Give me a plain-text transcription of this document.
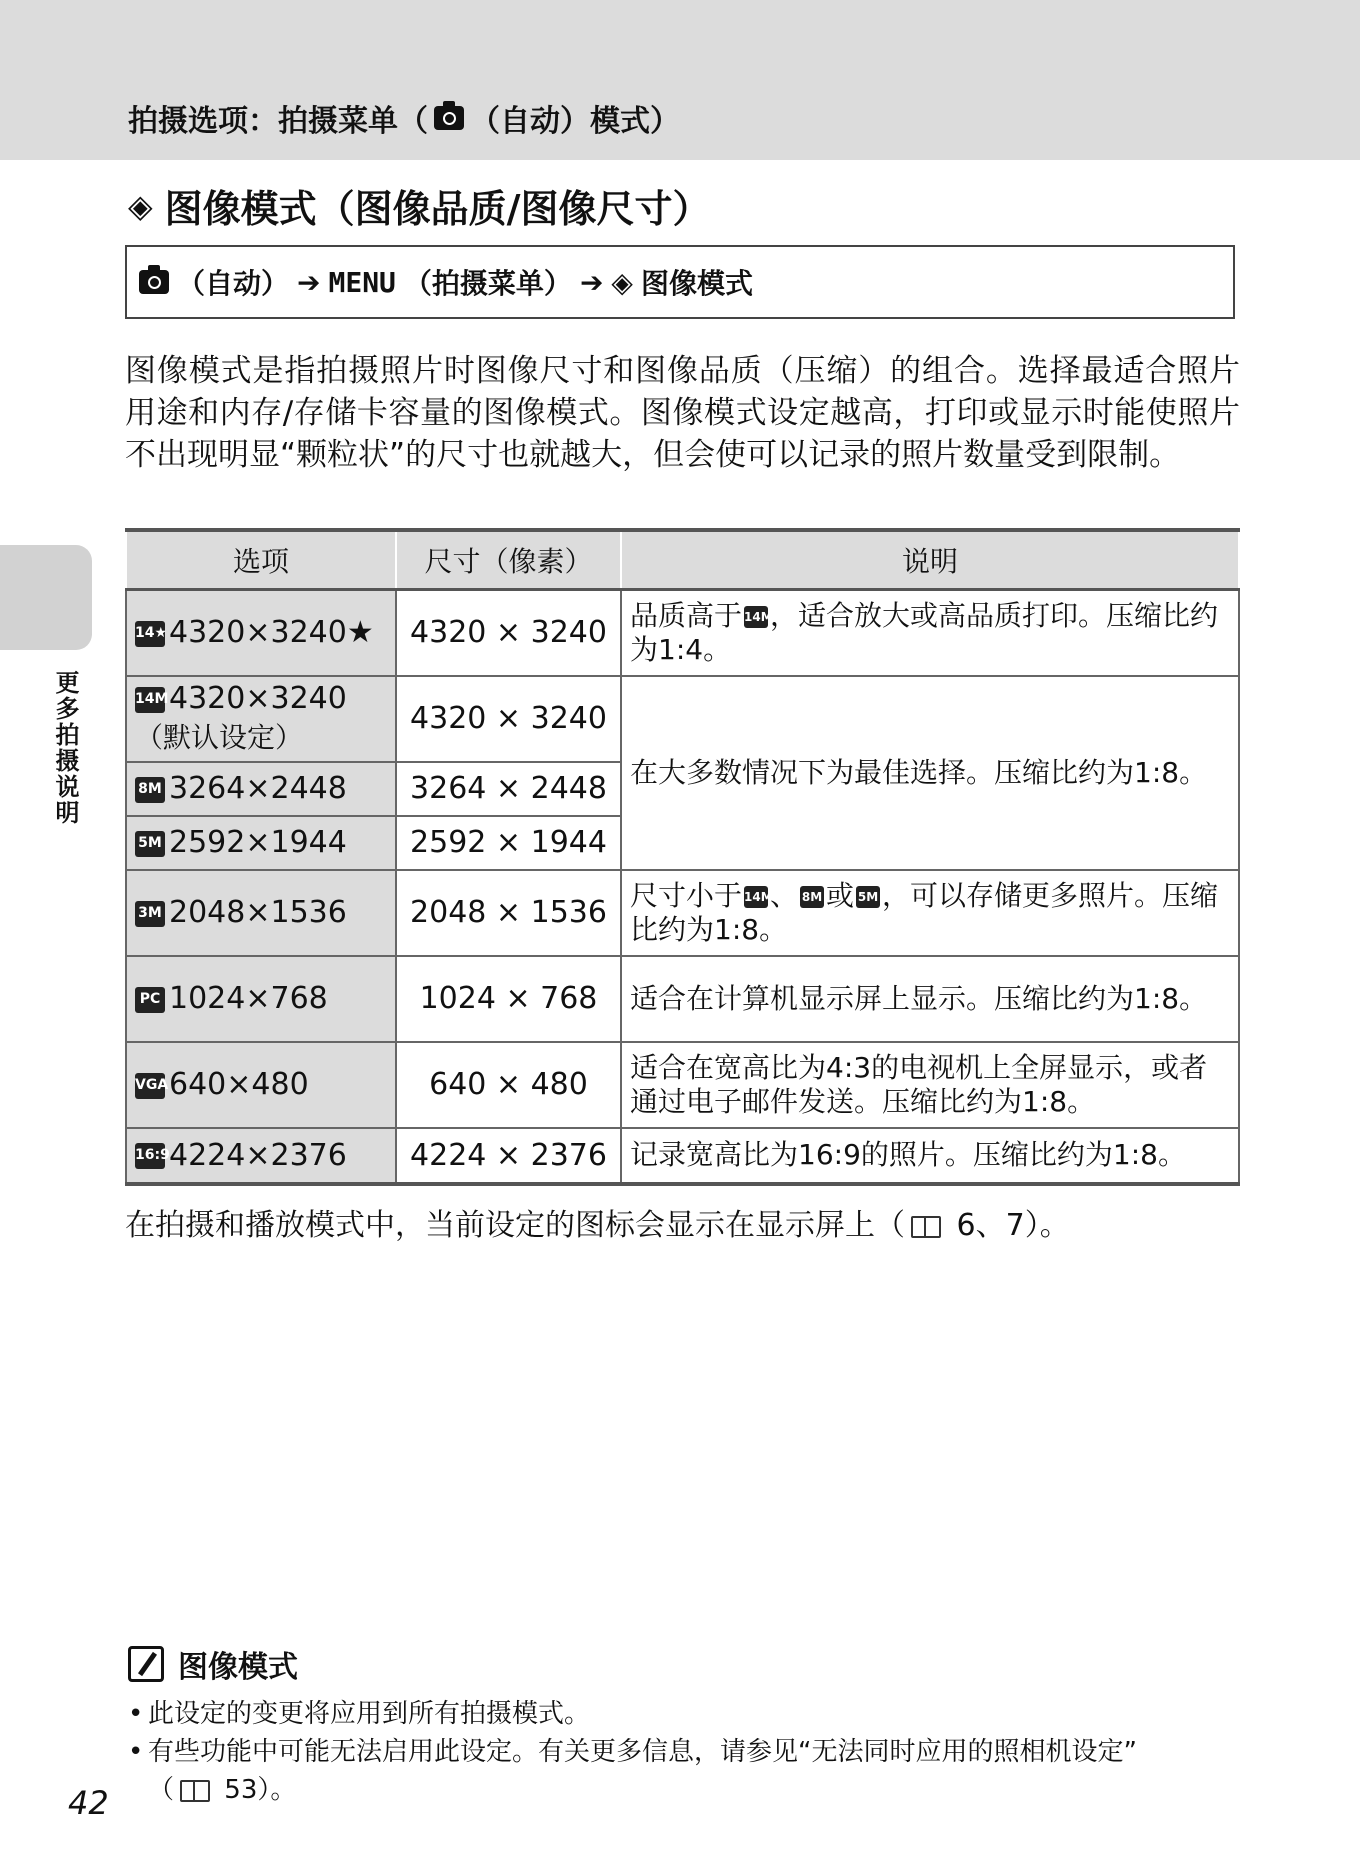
拍摄选项：拍摄菜单（ （自动）模式）
更多拍摄说明
◈ 图像模式（图像品质/图像尺寸）
（自动） ➔ MENU （拍摄菜单） ➔ ◈ 图像模式
图像模式是指拍摄照片时图像尺寸和图像品质（压缩）的组合。选择最适合照片用途和内存/存储卡容量的图像模式。图像模式设定越高，打印或显示时能使照片不出现明显“颗粒状”的尺寸也就越大，但会使可以记录的照片数量受到限制。
选项	尺寸（像素）	说明
14★4320×3240★	4320 × 3240	品质高于 14M，适合放大或高品质打印。压缩比约为1:4。
14M4320×3240
（默认设定）	4320 × 3240	在大多数情况下为最佳选择。压缩比约为1:8。
8M 3264×2448	3264 × 2448	
5M 2592×1944	2592 × 1944	
3M 2048×1536	2048 × 1536	尺寸小于 14M、 8M 或 5M ，可以存储更多照片。压缩比约为1:8。
PC 1024×768	1024 × 768	适合在计算机显示屏上显示。压缩比约为1:8。
VGA640×480	640 × 480	适合在宽高比为4:3的电视机上全屏显示，或者通过电子邮件发送。压缩比约为1:8。
16:94224×2376	4224 × 2376	记录宽高比为16:9的照片。压缩比约为1:8。
在拍摄和播放模式中，当前设定的图标会显示在显示屏上（ 6、7）。
图像模式
• 此设定的变更将应用到所有拍摄模式。
• 有些功能中可能无法启用此设定。有关更多信息，请参见“无法同时应用的照相机设定”
（ 53）。
42
